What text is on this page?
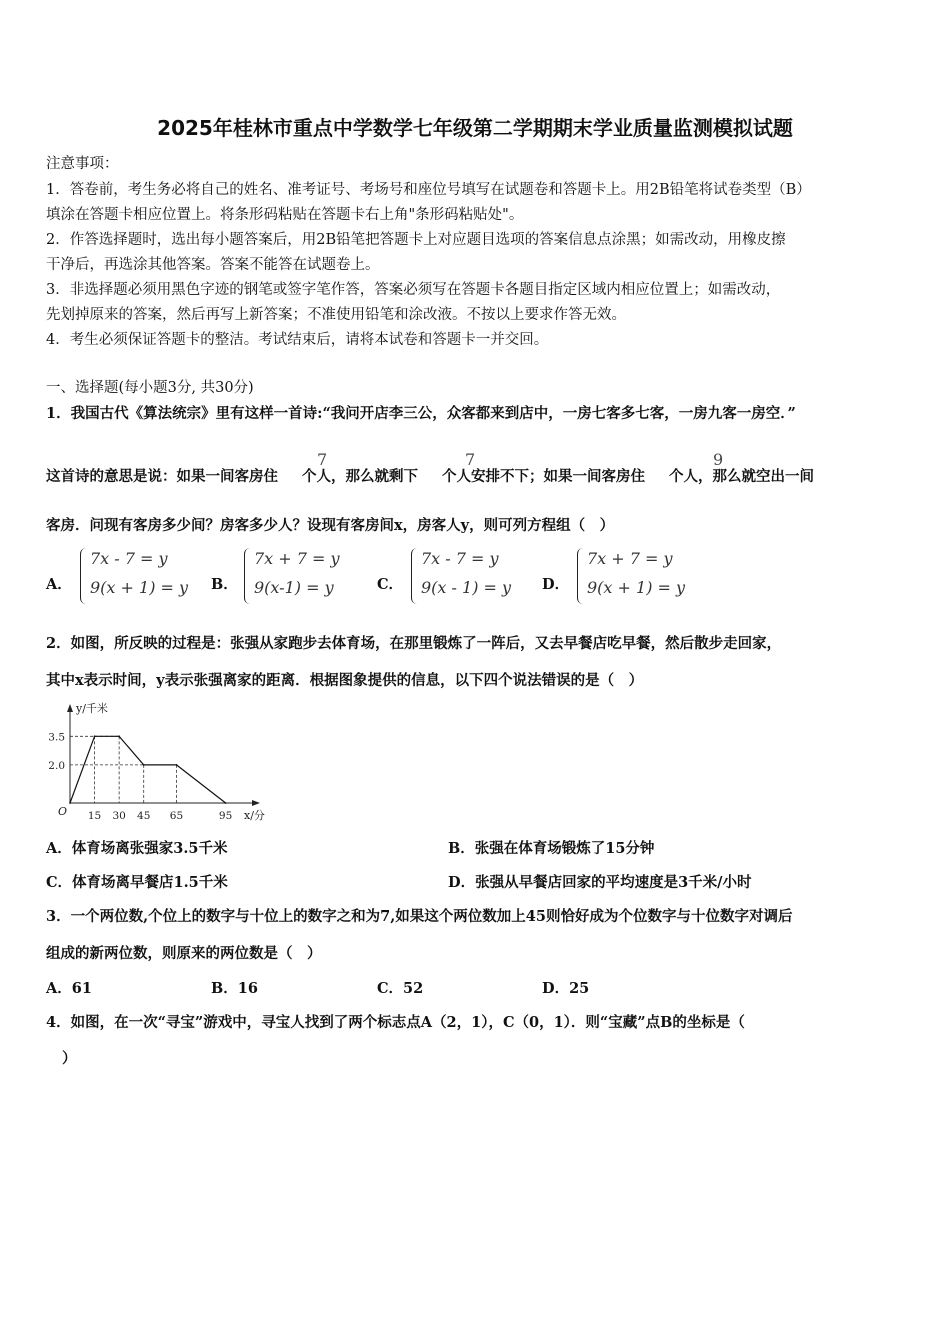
2025年桂林市重点中学数学七年级第二学期期末学业质量监测模拟试题
注意事项：
1．答卷前，考生务必将自己的姓名、准考证号、考场号和座位号填写在试题卷和答题卡上。用2B铅笔将试卷类型（B）
填涂在答题卡相应位置上。将条形码粘贴在答题卡右上角"条形码粘贴处"。
2．作答选择题时，选出每小题答案后，用2B铅笔把答题卡上对应题目选项的答案信息点涂黑；如需改动，用橡皮擦
干净后，再选涂其他答案。答案不能答在试题卷上。
3．非选择题必须用黑色字迹的钢笔或签字笔作答，答案必须写在答题卡各题目指定区域内相应位置上；如需改动，
先划掉原来的答案，然后再写上新答案；不准使用铅笔和涂改液。不按以上要求作答无效。
4．考生必须保证答题卡的整洁。考试结束后，请将本试卷和答题卡一并交回。
一、选择题(每小题3分, 共30分)
1．我国古代《算法统宗》里有这样一首诗:“我问开店李三公，众客都来到店中，一房七客多七客，一房九客一房空．”
这首诗的意思是说：如果一间客房住 个人，那么就剩下 个人安排不下；如果一间客房住 个人，那么就空出一间
7	7	9
客房．问现有客房多少间？房客多少人？设现有客房间x，房客人y，则可列方程组（　）
A．
7x - 7 = y
9(x + 1) = y B．
7x + 7 = y
9(x-1) = y	C．
7x - 7 = y
9(x - 1) = y D．
7x + 7 = y
9(x + 1) = y
2．如图，所反映的过程是：张强从家跑步去体育场，在那里锻炼了一阵后，又去早餐店吃早餐，然后散步走回家，
其中x表示时间，y表示张强离家的距离．根据图象提供的信息，以下四个说法错误的是（　）
15 30 45 65	95
3.5
2.0
O
y/千米
x/分
A．体育场离张强家3.5千米	B．张强在体育场锻炼了15分钟
C．体育场离早餐店1.5千米	D．张强从早餐店回家的平均速度是3千米/小时
3．一个两位数,个位上的数字与十位上的数字之和为7,如果这个两位数加上45则恰好成为个位数字与十位数字对调后
组成的新两位数，则原来的两位数是（　）
A．61	B．16	C．52	D．25
4．如图，在一次“寻宝”游戏中，寻宝人找到了两个标志点A（2，1），C（0，1）．则“宝藏”点B的坐标是（
）
